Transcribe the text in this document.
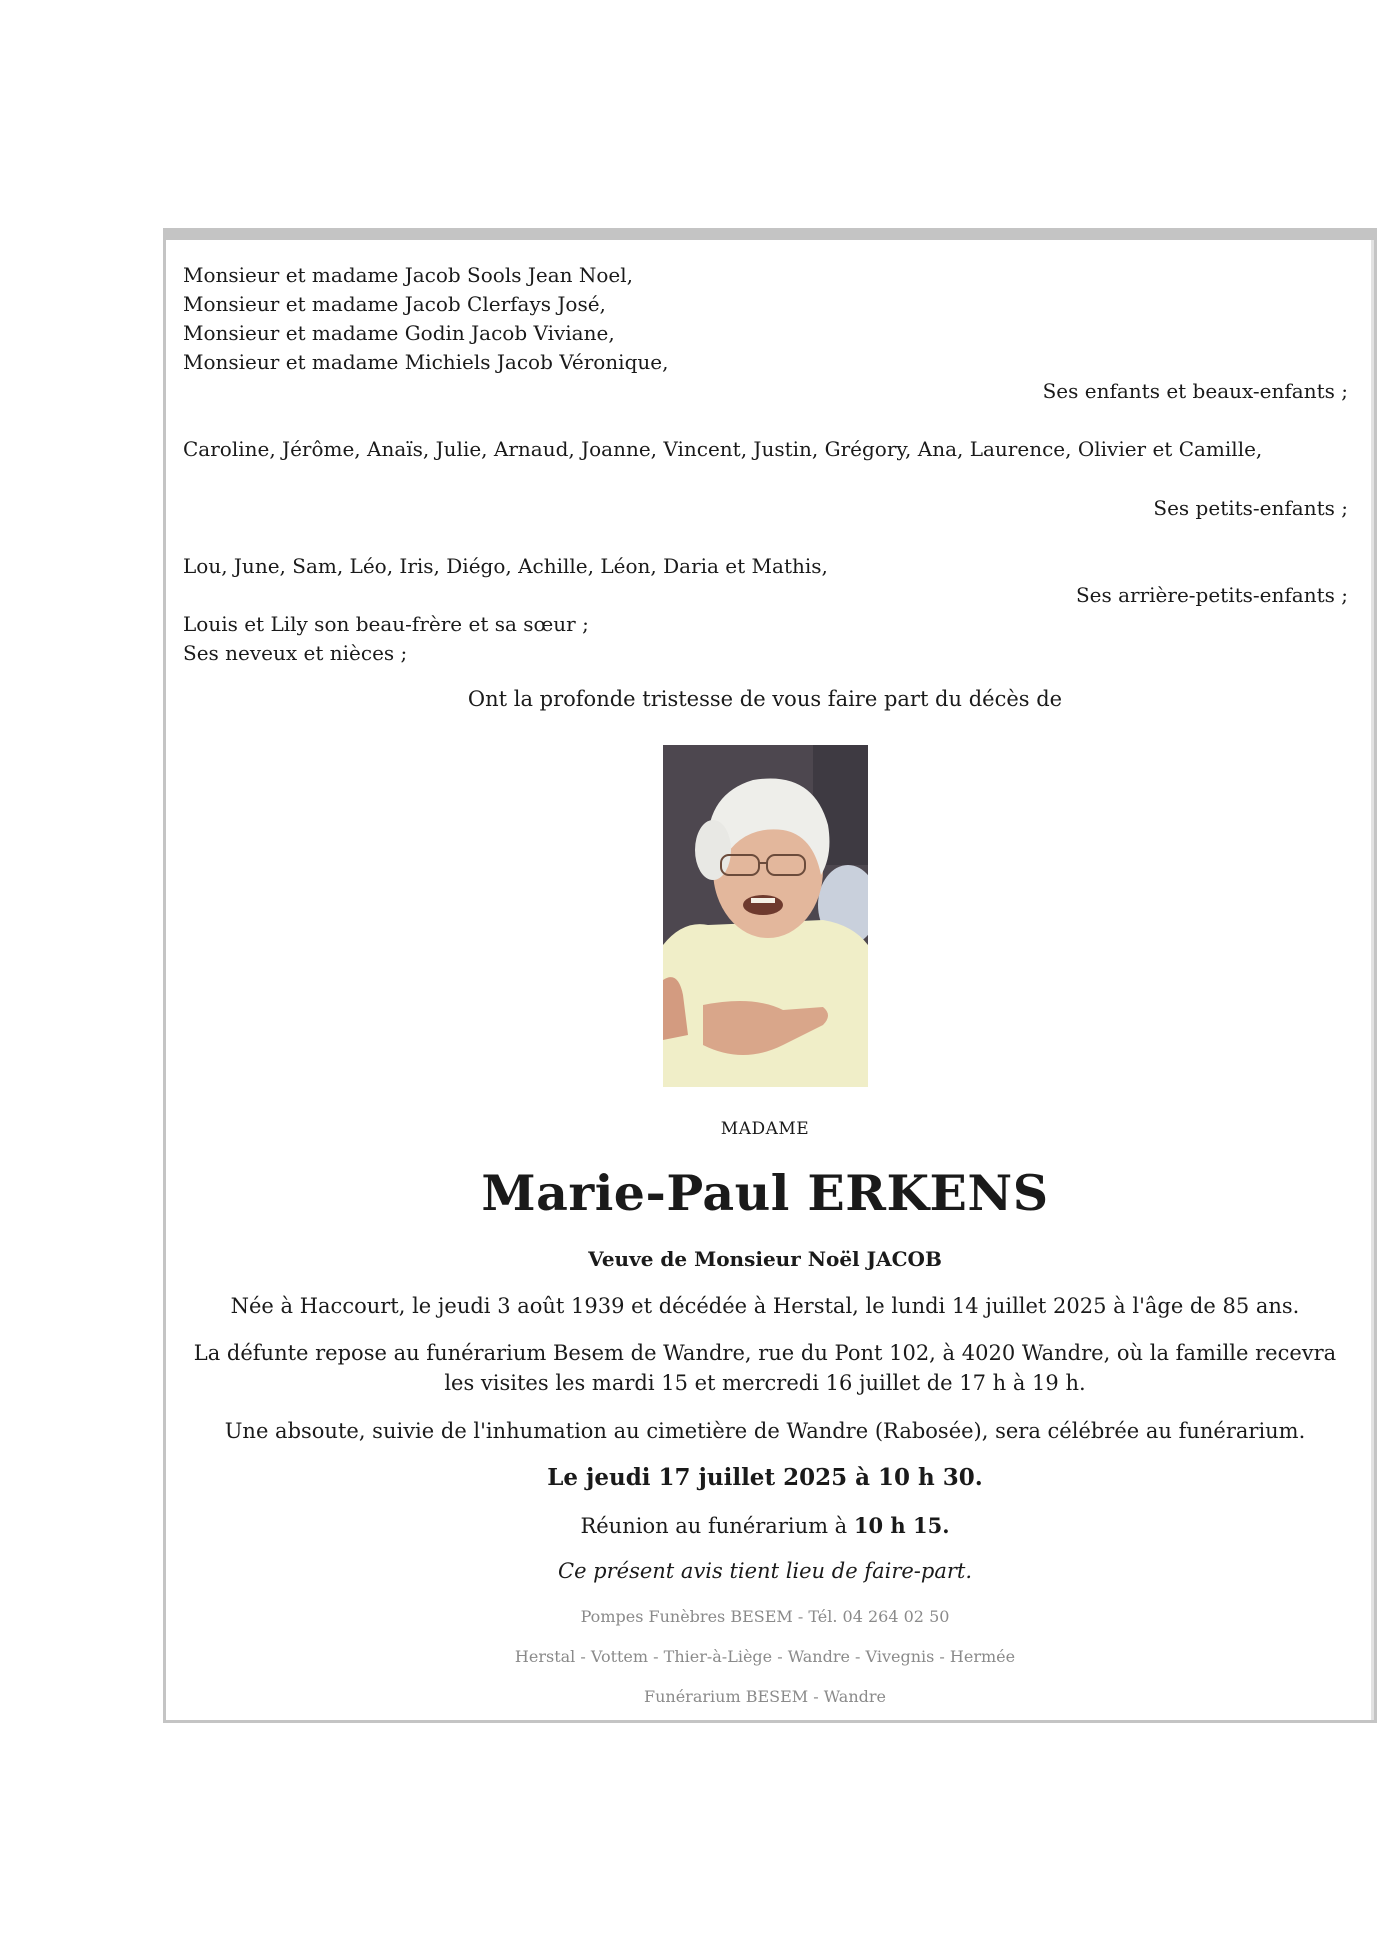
Monsieur et madame Jacob Sools Jean Noel,
Monsieur et madame Jacob Clerfays José,
Monsieur et madame Godin Jacob Viviane,
Monsieur et madame Michiels Jacob Véronique,
Ses enfants et beaux-enfants ;
Caroline, Jérôme, Anaïs, Julie, Arnaud, Joanne, Vincent, Justin, Grégory, Ana, Laurence, Olivier et Camille,
Ses petits-enfants ;
Lou, June, Sam, Léo, Iris, Diégo, Achille, Léon, Daria et Mathis,
Ses arrière-petits-enfants ;
Louis et Lily son beau-frère et sa sœur ;
Ses neveux et nièces ;
Ont la profonde tristesse de vous faire part du décès de
MADAME
Marie-Paul ERKENS
Veuve de Monsieur Noël JACOB
Née à Haccourt, le jeudi 3 août 1939 et décédée à Herstal, le lundi 14 juillet 2025 à l'âge de 85 ans.
La défunte repose au funérarium Besem de Wandre, rue du Pont 102, à 4020 Wandre, où la famille recevra
les visites les mardi 15 et mercredi 16 juillet de 17 h à 19 h.
Une absoute, suivie de l'inhumation au cimetière de Wandre (Rabosée), sera célébrée au funérarium.
Le jeudi 17 juillet 2025 à 10 h 30.
Réunion au funérarium à 10 h 15.
Ce présent avis tient lieu de faire-part.
Pompes Funèbres BESEM - Tél. 04 264 02 50
Herstal - Vottem - Thier-à-Liège - Wandre - Vivegnis - Hermée
Funérarium BESEM - Wandre
